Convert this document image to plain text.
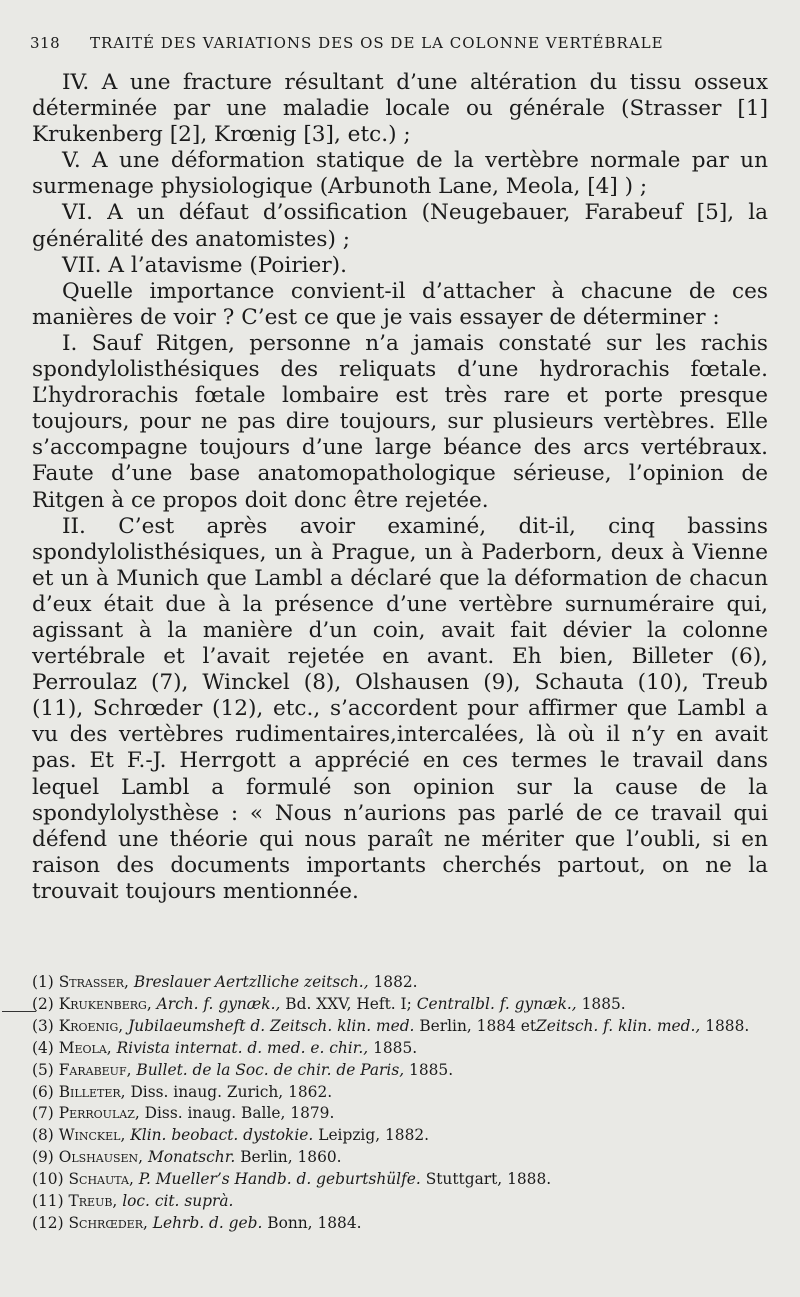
318 TRAITÉ DES VARIATIONS DES OS DE LA COLONNE VERTÉBRALE

IV. A une fracture résultant d’une altération du tissu osseux déterminée par une maladie locale ou générale (Strasser [1] Krukenberg [2], Krœnig [3], etc.) ;

V. A une déformation statique de la vertèbre normale par un surmenage physiologique (Arbunoth Lane, Meola, [4] ) ;

VI. A un défaut d’ossification (Neugebauer, Farabeuf [5], la généralité des anatomistes) ;

VII. A l’atavisme (Poirier).

Quelle importance convient-il d’attacher à chacune de ces manières de voir ? C’est ce que je vais essayer de déterminer :

I. Sauf Ritgen, personne n’a jamais constaté sur les rachis spondylolisthésiques des reliquats d’une hydrorachis fœtale. L’hydrorachis fœtale lombaire est très rare et porte presque toujours, pour ne pas dire toujours, sur plusieurs vertèbres. Elle s’accompagne toujours d’une large béance des arcs vertébraux. Faute d’une base anatomopathologique sérieuse, l’opinion de Ritgen à ce propos doit donc être rejetée.

II. C’est après avoir examiné, dit-il, cinq bassins spondylolisthésiques, un à Prague, un à Paderborn, deux à Vienne et un à Munich que Lambl a déclaré que la déformation de chacun d’eux était due à la présence d’une vertèbre surnuméraire qui, agissant à la manière d’un coin, avait fait dévier la colonne vertébrale et l’avait rejetée en avant. Eh bien, Billeter (6), Perroulaz (7), Winckel (8), Olshausen (9), Schauta (10), Treub (11), Schrœder (12), etc., s’accordent pour affirmer que Lambl a vu des vertèbres rudimentaires,intercalées, là où il n’y en avait pas. Et F.-J. Herrgott a apprécié en ces termes le travail dans lequel Lambl a formulé son opinion sur la cause de la spondylolysthèse : « Nous n’aurions pas parlé de ce travail qui défend une théorie qui nous paraît ne mériter que l’oubli, si en raison des documents importants cherchés partout, on ne la trouvait toujours mentionnée.

(1) Strasser, Breslauer Aertzlliche zeitsch., 1882.

(2) Krukenberg, Arch. f. gynæk., Bd. XXV, Heft. I; Centralbl. f. gynæk., 1885.

(3) Kroenig, Jubilaeumsheft d. Zeitsch. klin. med. Berlin, 1884 etZeitsch. f. klin. med., 1888.

(4) Meola, Rivista internat. d. med. e. chir., 1885.

(5) Farabeuf, Bullet. de la Soc. de chir. de Paris, 1885.

(6) Billeter, Diss. inaug. Zurich, 1862.

(7) Perroulaz, Diss. inaug. Balle, 1879.

(8) Winckel, Klin. beobact. dystokie. Leipzig, 1882.

(9) Olshausen, Monatschr. Berlin, 1860.

(10) Schauta, P. Mueller’s Handb. d. geburtshülfe. Stuttgart, 1888.

(11) Treub, loc. cit. suprà.

(12) Schrœder, Lehrb. d. geb. Bonn, 1884.
